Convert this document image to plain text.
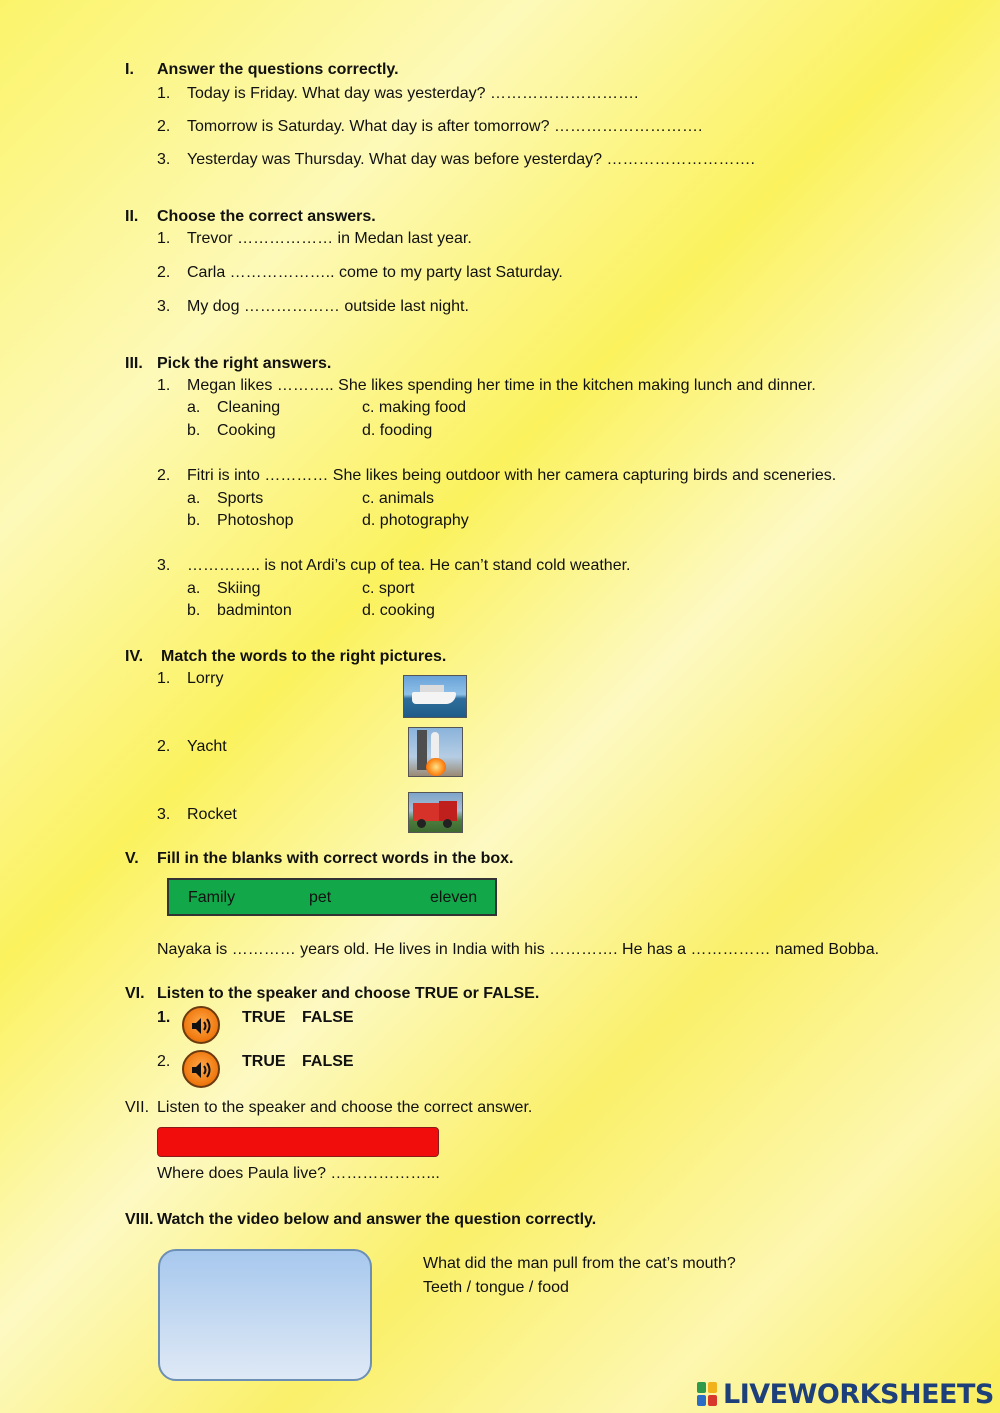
I. Answer the questions correctly.
1. Today is Friday. What day was yesterday? ……………………….
2. Tomorrow is Saturday. What day is after tomorrow? ……………………….
3. Yesterday was Thursday. What day was before yesterday? ……………………….
II. Choose the correct answers.
1. Trevor ……………… in Medan last year.
2. Carla ……………….. come to my party last Saturday.
3. My dog ……………… outside last night.
III. Pick the right answers.
1. Megan likes ……….. She likes spending her time in the kitchen making lunch and dinner.
a. Cleaning	c. making food
b. Cooking	d. fooding
2. Fitri is into ………… She likes being outdoor with her camera capturing birds and sceneries.
a. Sports	c. animals
b. Photoshop	d. photography
3. ………….. is not Ardi’s cup of tea. He can’t stand cold weather.
a. Skiing	c. sport
b. badminton	d. cooking
IV. Match the words to the right pictures.
1. Lorry
2. Yacht
3. Rocket
V. Fill in the blanks with correct words in the box.
Family	pet	eleven
Nayaka is ………… years old. He lives in India with his …………. He has a …………… named Bobba.
VI. Listen to the speaker and choose TRUE or FALSE.
1.	TRUE FALSE
2.	TRUE FALSE
VII. Listen to the speaker and choose the correct answer.
Where does Paula live? ………………...
VIII. Watch the video below and answer the question correctly.
What did the man pull from the cat’s mouth?
Teeth / tongue / food
LIVEWORKSHEETS
